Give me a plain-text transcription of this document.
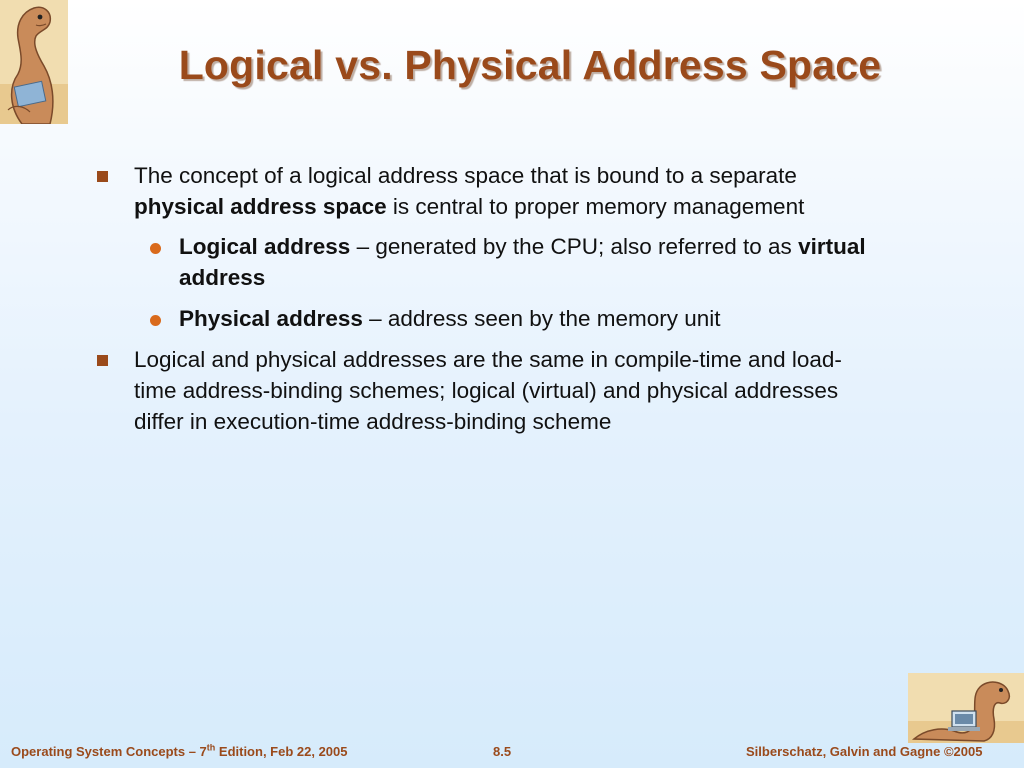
Logical vs. Physical Address Space
The concept of a logical address space that is bound to a separate physical address space is central to proper memory management
Logical address – generated by the CPU; also referred to as virtual address
Physical address – address seen by the memory unit
Logical and physical addresses are the same in compile-time and load-time address-binding schemes; logical (virtual) and physical addresses differ in execution-time address-binding scheme
Operating System Concepts – 7th Edition, Feb 22, 2005	8.5	Silberschatz, Galvin and Gagne ©2005
